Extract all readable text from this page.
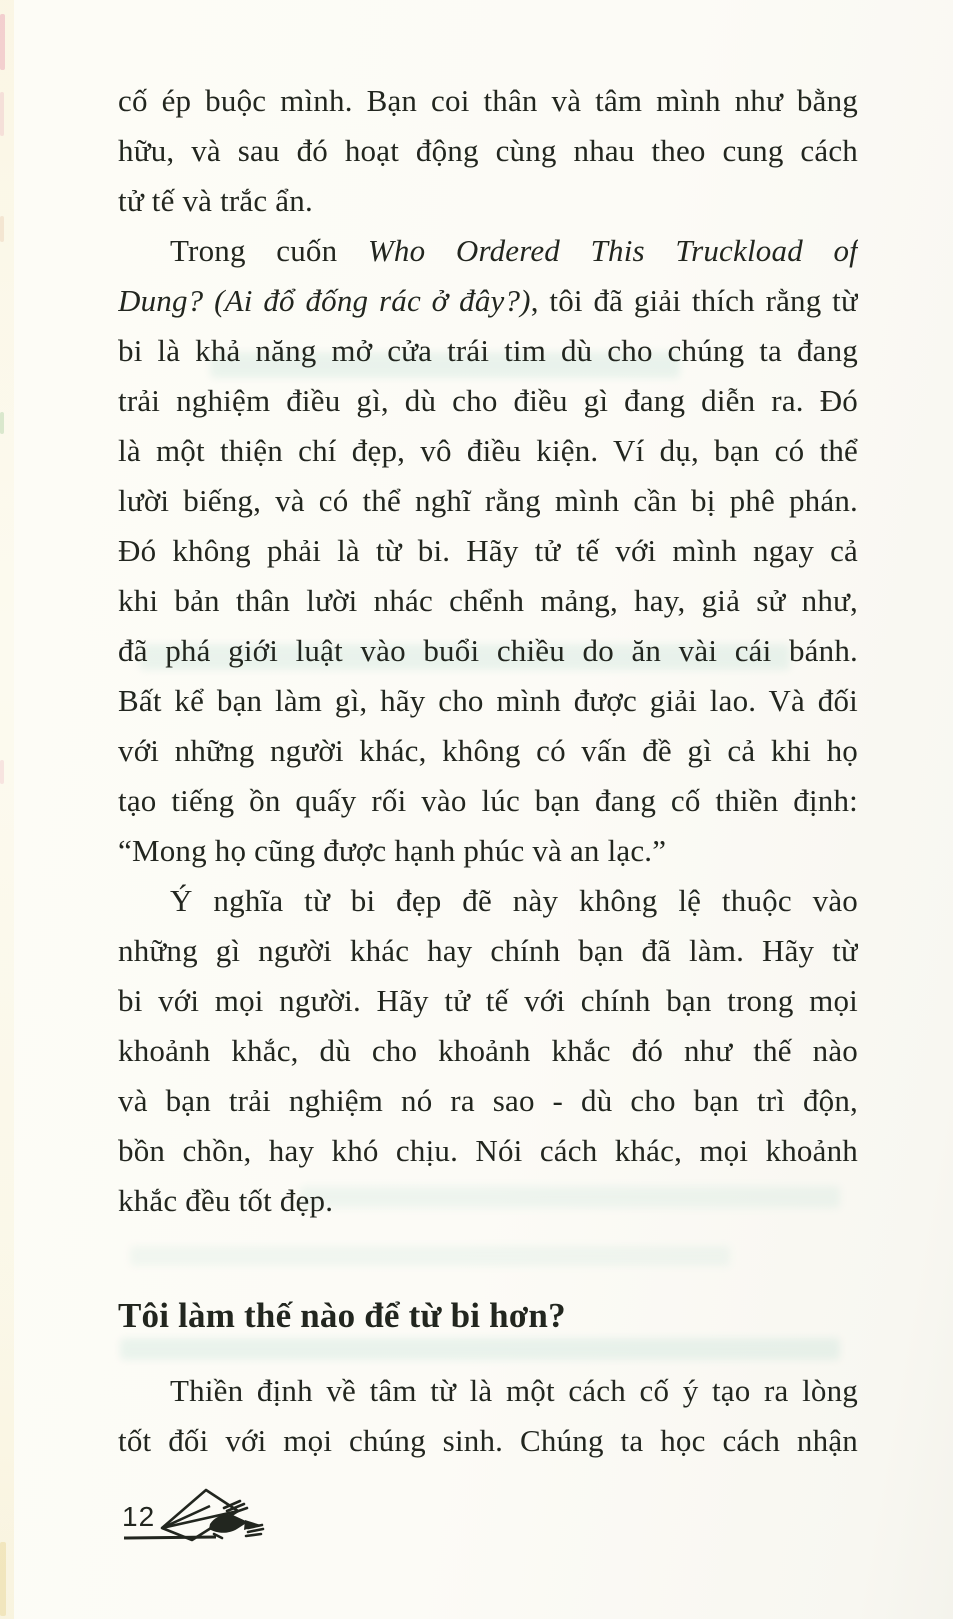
cố ép buộc mình. Bạn coi thân và tâm mình như bằng
hữu, và sau đó hoạt động cùng nhau theo cung cách
tử tế và trắc ẩn.
Trong cuốn Who Ordered This Truckload of
Dung? (Ai đổ đống rác ở đây?), tôi đã giải thích rằng từ
bi là khả năng mở cửa trái tim dù cho chúng ta đang
trải nghiệm điều gì, dù cho điều gì đang diễn ra. Đó
là một thiện chí đẹp, vô điều kiện. Ví dụ, bạn có thể
lười biếng, và có thể nghĩ rằng mình cần bị phê phán.
Đó không phải là từ bi. Hãy tử tế với mình ngay cả
khi bản thân lười nhác chểnh mảng, hay, giả sử như,
đã phá giới luật vào buổi chiều do ăn vài cái bánh.
Bất kể bạn làm gì, hãy cho mình được giải lao. Và đối
với những người khác, không có vấn đề gì cả khi họ
tạo tiếng ồn quấy rối vào lúc bạn đang cố thiền định:
“Mong họ cũng được hạnh phúc và an lạc.”
Ý nghĩa từ bi đẹp đẽ này không lệ thuộc vào
những gì người khác hay chính bạn đã làm. Hãy từ
bi với mọi người. Hãy tử tế với chính bạn trong mọi
khoảnh khắc, dù cho khoảnh khắc đó như thế nào
và bạn trải nghiệm nó ra sao - dù cho bạn trì độn,
bồn chồn, hay khó chịu. Nói cách khác, mọi khoảnh
khắc đều tốt đẹp.
Tôi làm thế nào để từ bi hơn?
Thiền định về tâm từ là một cách cố ý tạo ra lòng
tốt đối với mọi chúng sinh. Chúng ta học cách nhận
12
